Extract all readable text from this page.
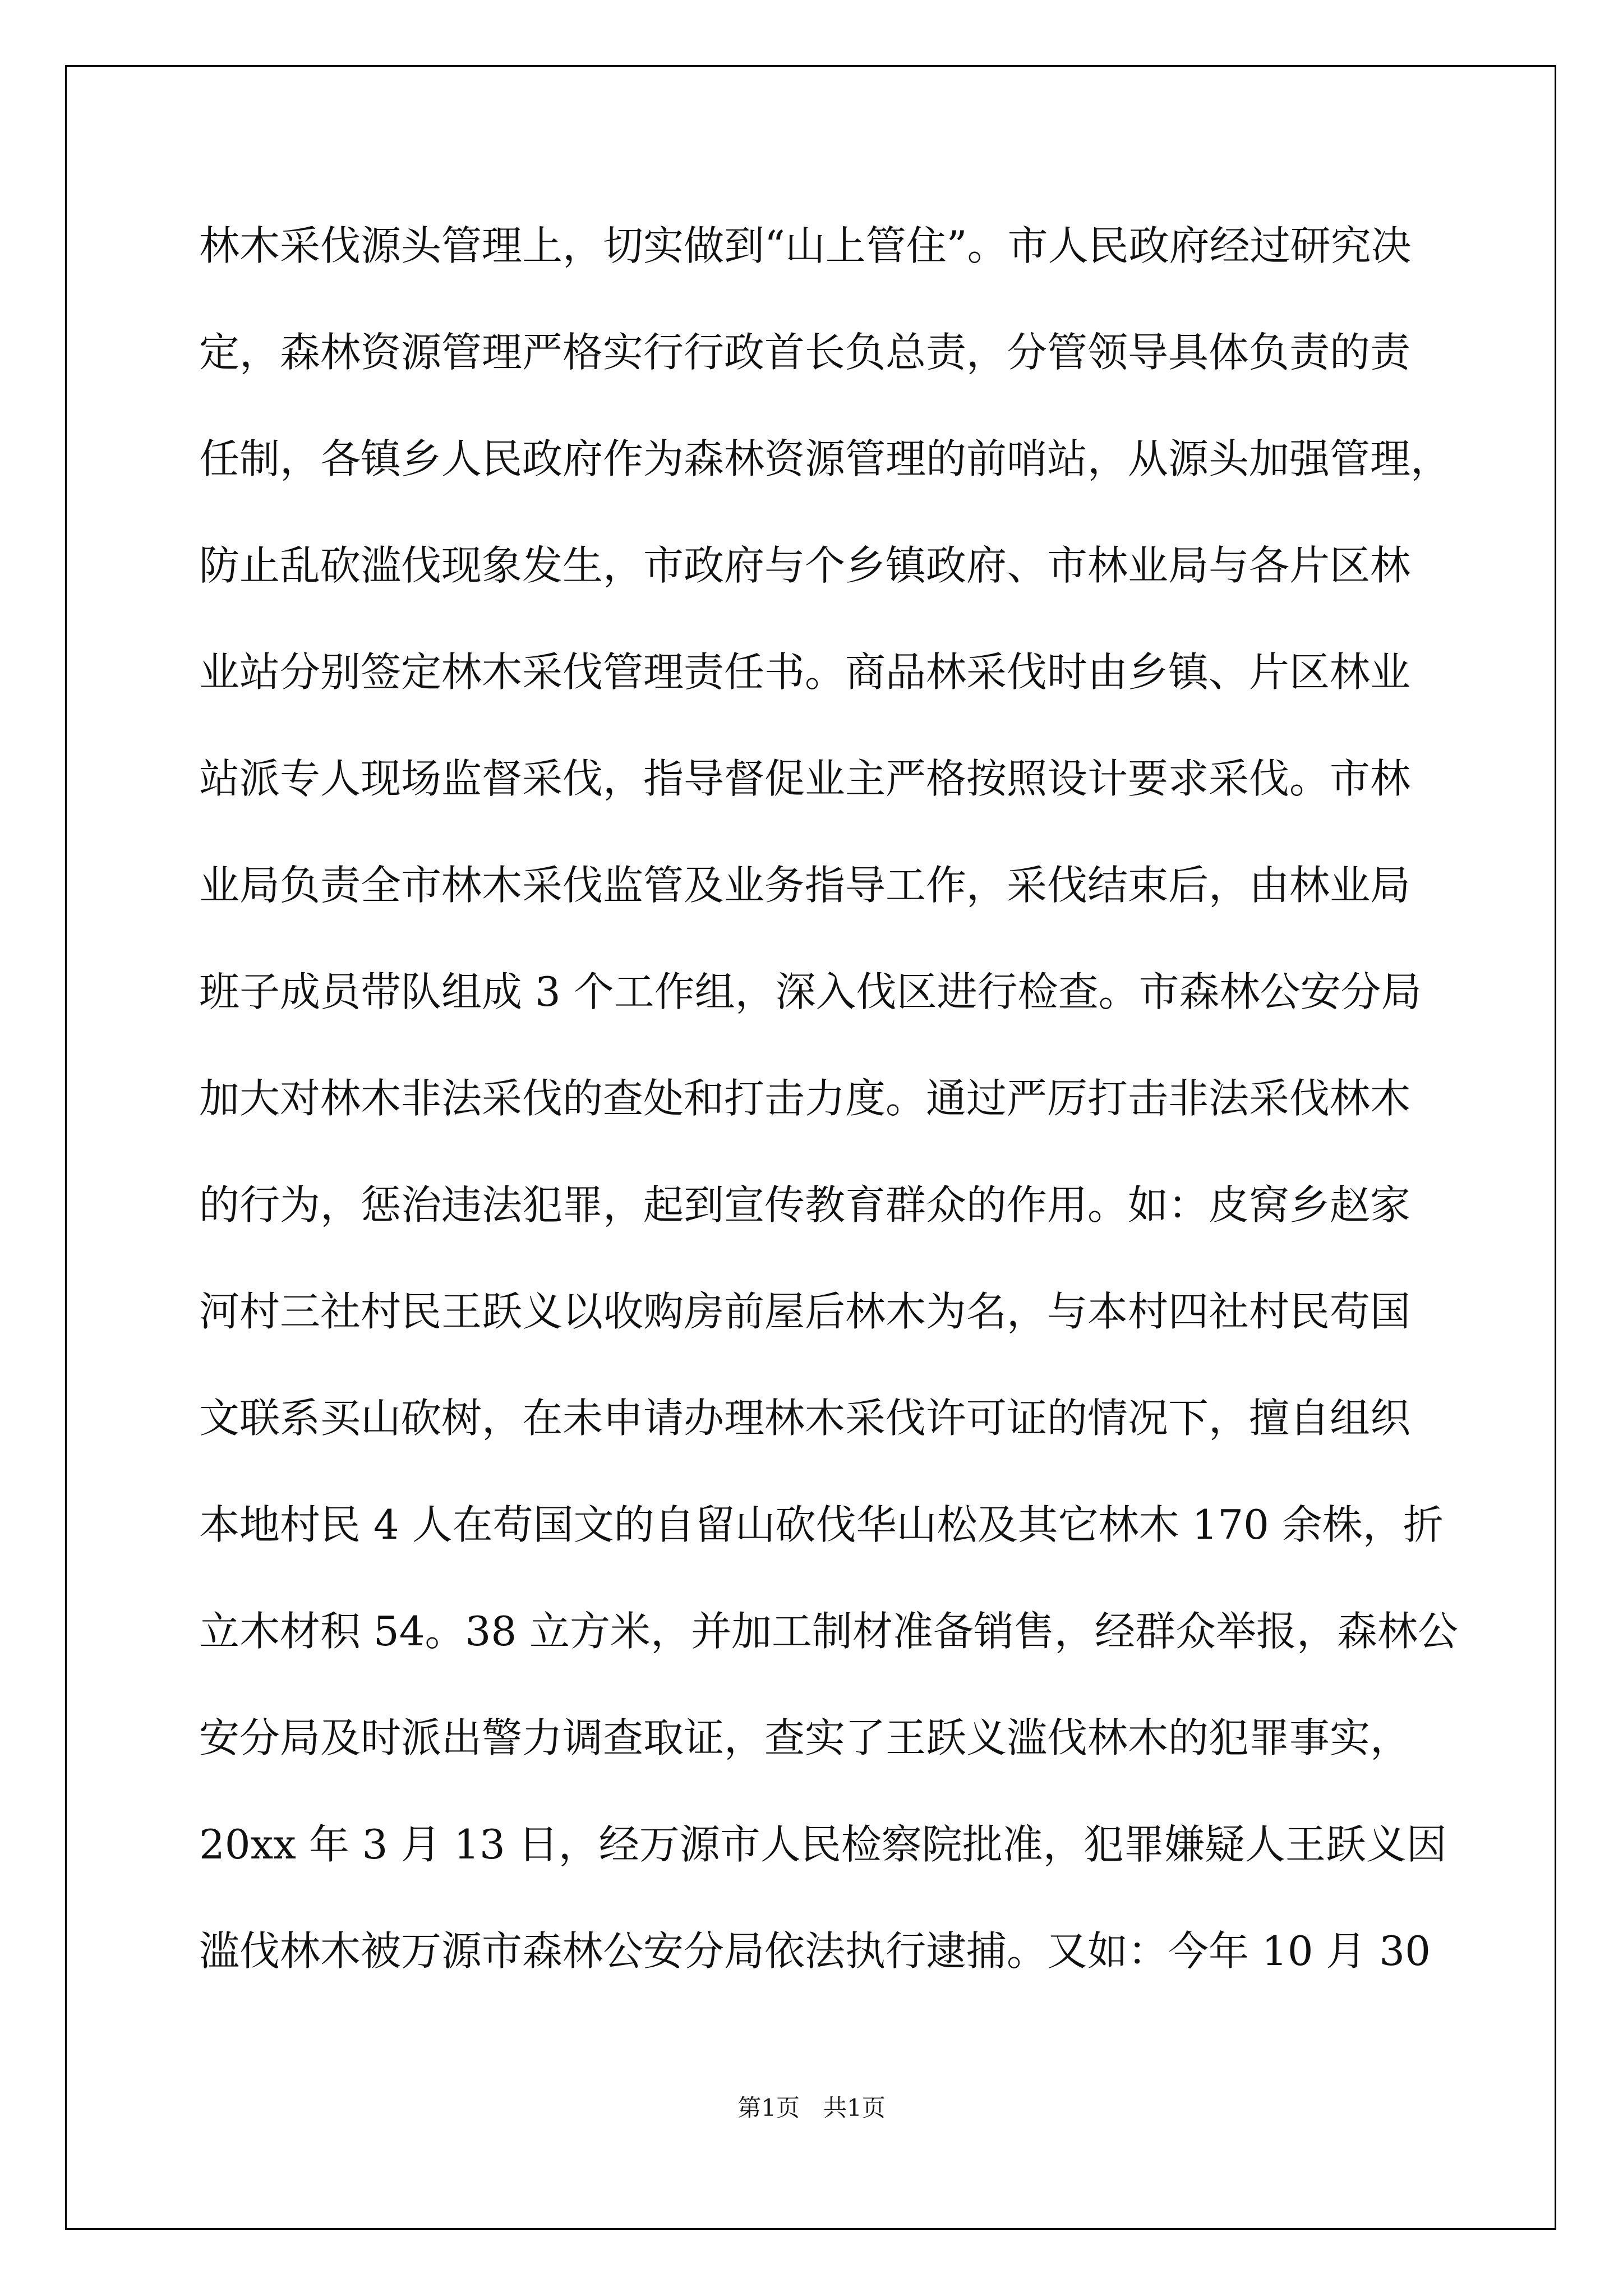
林木采伐源头管理上，切实做到“山上管住”。市人民政府经过研究决
定，森林资源管理严格实行行政首长负总责，分管领导具体负责的责
任制，各镇乡人民政府作为森林资源管理的前哨站，从源头加强管理，
防止乱砍滥伐现象发生，市政府与个乡镇政府、市林业局与各片区林
业站分别签定林木采伐管理责任书。商品林采伐时由乡镇、片区林业
站派专人现场监督采伐，指导督促业主严格按照设计要求采伐。市林
业局负责全市林木采伐监管及业务指导工作，采伐结束后，由林业局
班子成员带队组成 3 个工作组，深入伐区进行检查。市森林公安分局
加大对林木非法采伐的查处和打击力度。通过严厉打击非法采伐林木
的行为，惩治违法犯罪，起到宣传教育群众的作用。如：皮窝乡赵家
河村三社村民王跃义以收购房前屋后林木为名，与本村四社村民苟国
文联系买山砍树，在未申请办理林木采伐许可证的情况下，擅自组织
本地村民 4 人在苟国文的自留山砍伐华山松及其它林木 170 余株，折
立木材积 54。38 立方米，并加工制材准备销售，经群众举报，森林公
安分局及时派出警力调查取证，查实了王跃义滥伐林木的犯罪事实，
20xx 年 3 月 13 日，经万源市人民检察院批准，犯罪嫌疑人王跃义因
滥伐林木被万源市森林公安分局依法执行逮捕。又如：今年 10 月 30
第1页　共1页
